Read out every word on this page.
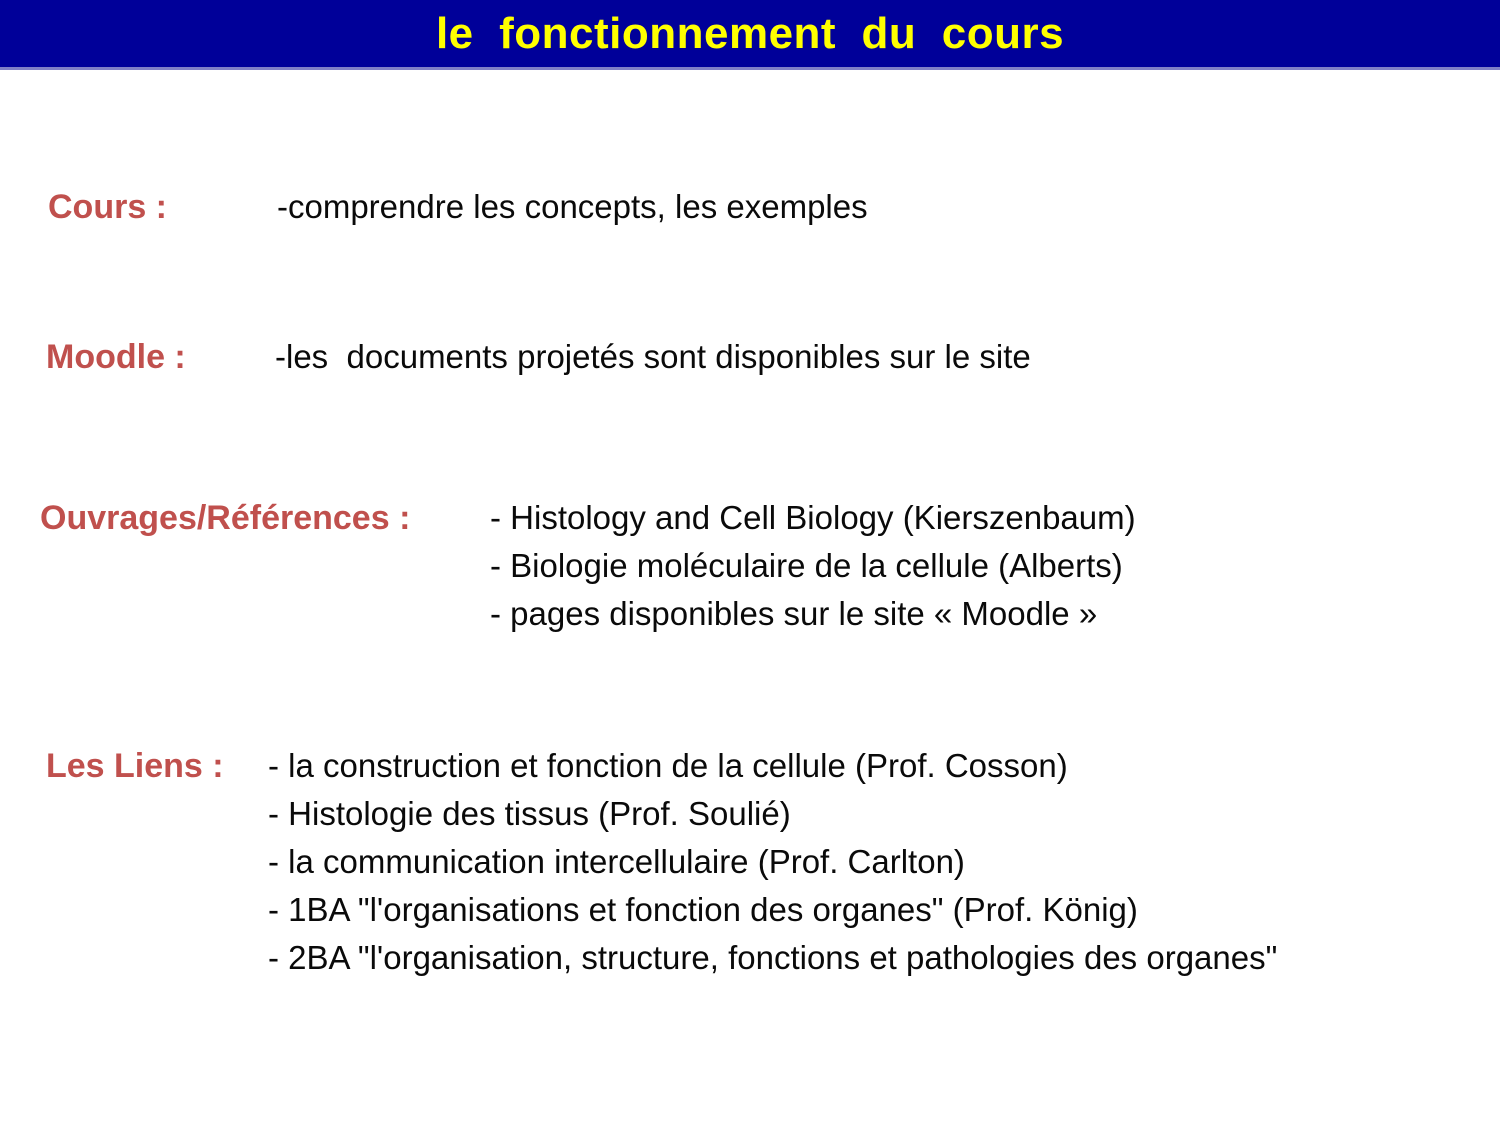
le  fonctionnement  du  cours
Cours :	-comprendre les concepts, les exemples
Moodle :	-les  documents projetés sont disponibles sur le site
Ouvrages/Références : - Histology and Cell Biology (Kierszenbaum)
- Biologie moléculaire de la cellule (Alberts)
- pages disponibles sur le site « Moodle »
Les Liens : - la construction et fonction de la cellule (Prof. Cosson)
- Histologie des tissus (Prof. Soulié)
- la communication intercellulaire (Prof. Carlton)
- 1BA "l'organisations et fonction des organes" (Prof. König)
- 2BA "l'organisation, structure, fonctions et pathologies des organes"
